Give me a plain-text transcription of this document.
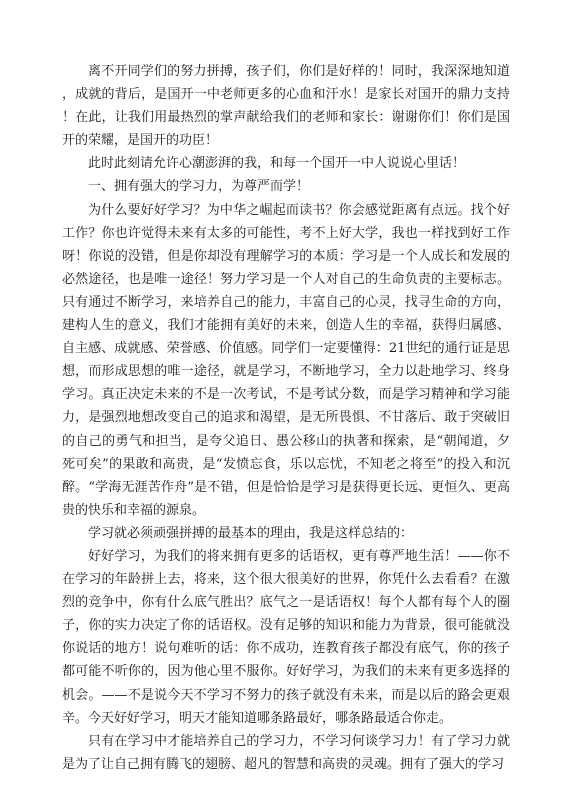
离不开同学们的努力拼搏，孩子们，你们是好样的！同时，我深深地知道，成就的背后，是国开一中老师更多的心血和汗水！是家长对国开的鼎力支持！在此，让我们用最热烈的掌声献给我们的老师和家长：谢谢你们！你们是国开的荣耀，是国开的功臣！

此时此刻请允许心潮澎湃的我，和每一个国开一中人说说心里话！

一、拥有强大的学习力，为尊严而学！

为什么要好好学习？为中华之崛起而读书？你会感觉距离有点远。找个好工作？你也许觉得未来有太多的可能性，考不上好大学，我也一样找到好工作呀！你说的没错，但是你却没有理解学习的本质：学习是一个人成长和发展的必然途径，也是唯一途径！努力学习是一个人对自己的生命负责的主要标志。只有通过不断学习，来培养自己的能力，丰富自己的心灵，找寻生命的方向，建构人生的意义，我们才能拥有美好的未来，创造人生的幸福，获得归属感、自主感、成就感、荣誉感、价值感。同学们一定要懂得：21世纪的通行证是思想，而形成思想的唯一途径，就是学习，不断地学习，全力以赴地学习、终身学习。真正决定未来的不是一次考试，不是考试分数，而是学习精神和学习能力，是强烈地想改变自己的追求和渴望，是无所畏惧、不甘落后、敢于突破旧的自己的勇气和担当，是夸父追日、愚公移山的执著和探索，是“朝闻道，夕死可矣”的果敢和高贵，是“发愤忘食，乐以忘忧，不知老之将至”的投入和沉醉。“学海无涯苦作舟”是不错，但是恰恰是学习是获得更长远、更恒久、更高贵的快乐和幸福的源泉。

学习就必须顽强拼搏的最基本的理由，我是这样总结的：

好好学习，为我们的将来拥有更多的话语权，更有尊严地生活！——你不在学习的年龄拼上去，将来，这个很大很美好的世界，你凭什么去看看？在激烈的竞争中，你有什么底气胜出？底气之一是话语权！每个人都有每个人的圈子，你的实力决定了你的话语权。没有足够的知识和能力为背景，很可能就没你说话的地方！说句难听的话：你不成功，连教育孩子都没有底气，你的孩子都可能不听你的，因为他心里不服你。好好学习，为我们的未来有更多选择的机会。——不是说今天不学习不努力的孩子就没有未来，而是以后的路会更艰辛。今天好好学习，明天才能知道哪条路最好，哪条路最适合你走。

只有在学习中才能培养自己的学习力，不学习何谈学习力！有了学习力就是为了让自己拥有腾飞的翅膀、超凡的智慧和高贵的灵魂。拥有了强大的学习
